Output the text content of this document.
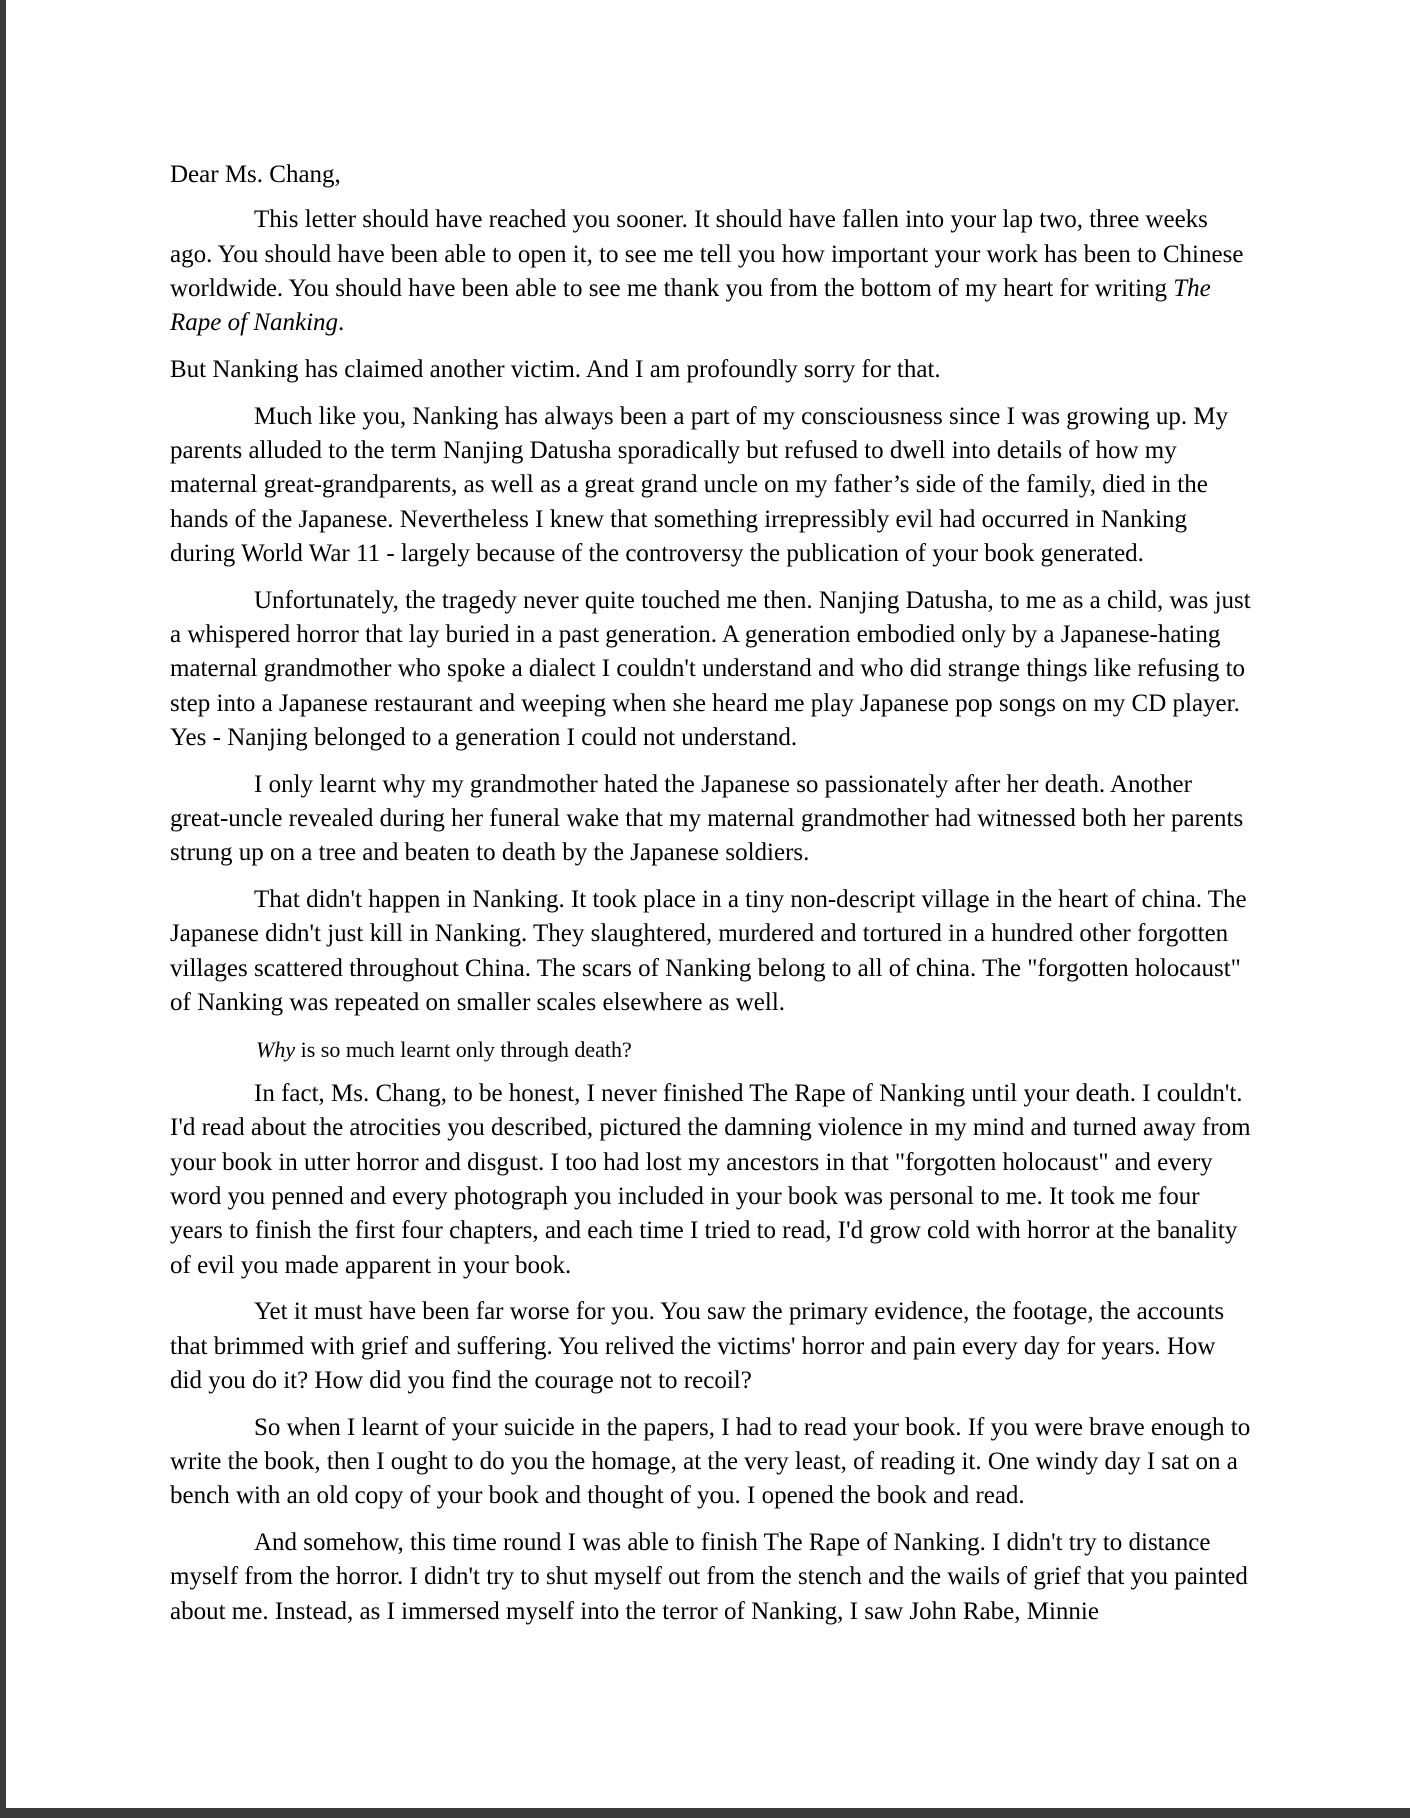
Dear Ms. Chang,

This letter should have reached you sooner. It should have fallen into your lap two, three weeks ago. You should have been able to open it, to see me tell you how important your work has been to Chinese worldwide. You should have been able to see me thank you from the bottom of my heart for writing The Rape of Nanking.

But Nanking has claimed another victim. And I am profoundly sorry for that.

Much like you, Nanking has always been a part of my consciousness since I was growing up. My parents alluded to the term Nanjing Datusha sporadically but refused to dwell into details of how my maternal great-grandparents, as well as a great grand uncle on my father’s side of the family, died in the hands of the Japanese. Nevertheless I knew that something irrepressibly evil had occurred in Nanking during World War 11 - largely because of the controversy the publication of your book generated.

Unfortunately, the tragedy never quite touched me then. Nanjing Datusha, to me as a child, was just a whispered horror that lay buried in a past generation. A generation embodied only by a Japanese-hating maternal grandmother who spoke a dialect I couldn't understand and who did strange things like refusing to step into a Japanese restaurant and weeping when she heard me play Japanese pop songs on my CD player. Yes - Nanjing belonged to a generation I could not understand.

I only learnt why my grandmother hated the Japanese so passionately after her death. Another great-uncle revealed during her funeral wake that my maternal grandmother had witnessed both her parents strung up on a tree and beaten to death by the Japanese soldiers.

That didn't happen in Nanking. It took place in a tiny non-descript village in the heart of china. The Japanese didn't just kill in Nanking. They slaughtered, murdered and tortured in a hundred other forgotten villages scattered throughout China. The scars of Nanking belong to all of china. The "forgotten holocaust" of Nanking was repeated on smaller scales elsewhere as well.

Why is so much learnt only through death?

In fact, Ms. Chang, to be honest, I never finished The Rape of Nanking until your death. I couldn't. I'd read about the atrocities you described, pictured the damning violence in my mind and turned away from your book in utter horror and disgust. I too had lost my ancestors in that "forgotten holocaust" and every word you penned and every photograph you included in your book was personal to me. It took me four years to finish the first four chapters, and each time I tried to read, I'd grow cold with horror at the banality of evil you made apparent in your book.

Yet it must have been far worse for you. You saw the primary evidence, the footage, the accounts that brimmed with grief and suffering. You relived the victims' horror and pain every day for years. How did you do it? How did you find the courage not to recoil?

So when I learnt of your suicide in the papers, I had to read your book. If you were brave enough to write the book, then I ought to do you the homage, at the very least, of reading it. One windy day I sat on a bench with an old copy of your book and thought of you. I opened the book and read.

And somehow, this time round I was able to finish The Rape of Nanking. I didn't try to distance myself from the horror. I didn't try to shut myself out from the stench and the wails of grief that you painted about me. Instead, as I immersed myself into the terror of Nanking, I saw John Rabe, Minnie
